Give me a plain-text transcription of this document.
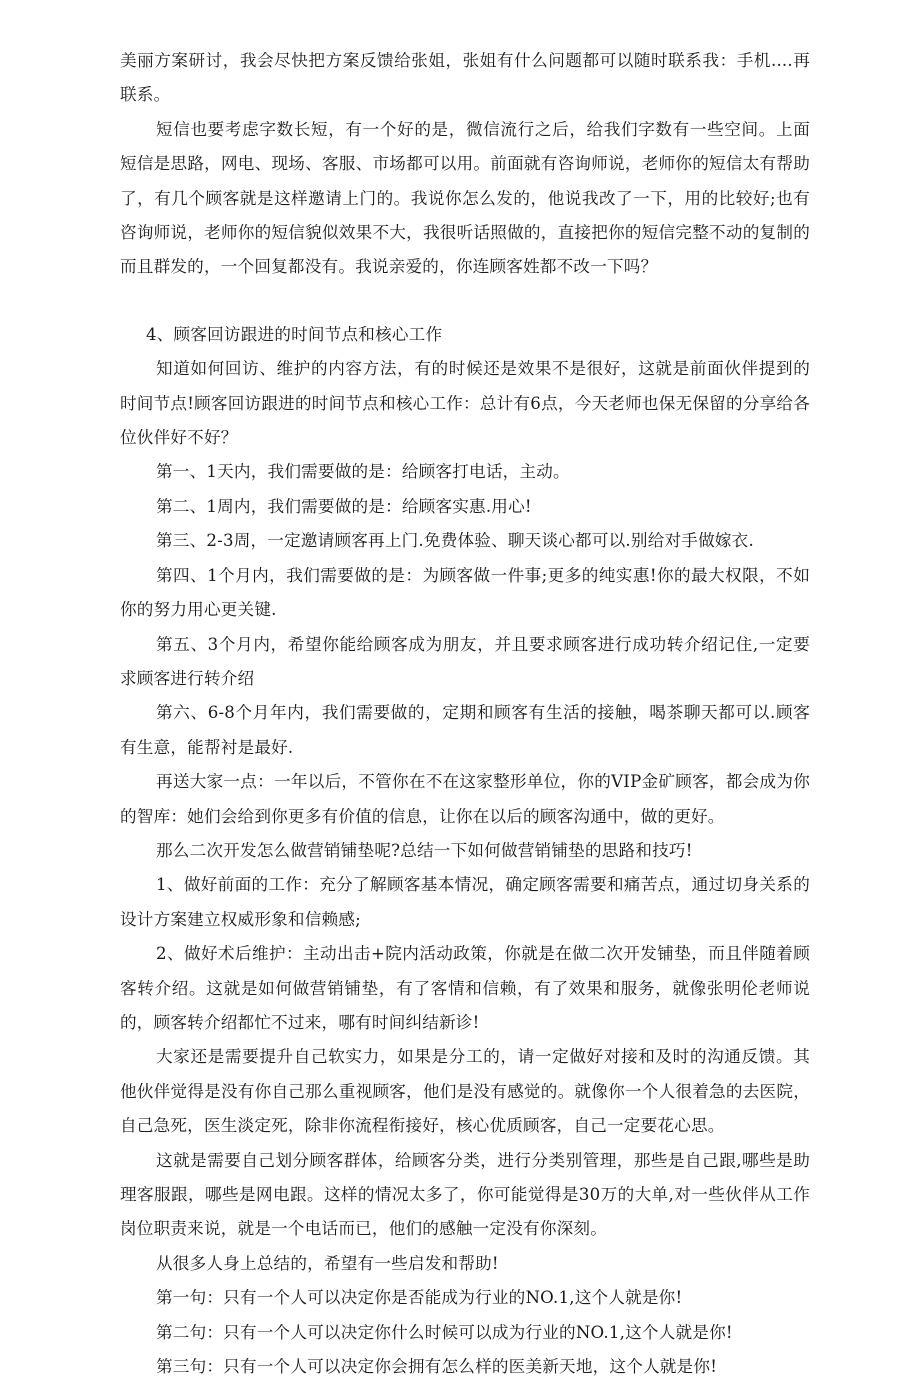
美丽方案研讨，我会尽快把方案反馈给张姐，张姐有什么问题都可以随时联系我：手机....再联系。

短信也要考虑字数长短，有一个好的是，微信流行之后，给我们字数有一些空间。上面短信是思路，网电、现场、客服、市场都可以用。前面就有咨询师说，老师你的短信太有帮助了，有几个顾客就是这样邀请上门的。我说你怎么发的，他说我改了一下，用的比较好;也有咨询师说，老师你的短信貌似效果不大，我很听话照做的，直接把你的短信完整不动的复制的而且群发的，一个回复都没有。我说亲爱的，你连顾客姓都不改一下吗？

4、顾客回访跟进的时间节点和核心工作

知道如何回访、维护的内容方法，有的时候还是效果不是很好，这就是前面伙伴提到的时间节点!顾客回访跟进的时间节点和核心工作：总计有6点，今天老师也保无保留的分享给各位伙伴好不好？

第一、1天内，我们需要做的是：给顾客打电话，主动。

第二、1周内，我们需要做的是：给顾客实惠.用心!

第三、2-3周，一定邀请顾客再上门.免费体验、聊天谈心都可以.别给对手做嫁衣.

第四、1个月内，我们需要做的是：为顾客做一件事;更多的纯实惠!你的最大权限，不如你的努力用心更关键.

第五、3个月内，希望你能给顾客成为朋友，并且要求顾客进行成功转介绍记住,一定要求顾客进行转介绍

第六、6-8个月年内，我们需要做的，定期和顾客有生活的接触，喝茶聊天都可以.顾客有生意，能帮衬是最好.

再送大家一点：一年以后，不管你在不在这家整形单位，你的VIP金矿顾客，都会成为你的智库：她们会给到你更多有价值的信息，让你在以后的顾客沟通中，做的更好。

那么二次开发怎么做营销铺垫呢?总结一下如何做营销铺垫的思路和技巧!

1、做好前面的工作：充分了解顾客基本情况，确定顾客需要和痛苦点，通过切身关系的设计方案建立权威形象和信赖感;

2、做好术后维护：主动出击+院内活动政策，你就是在做二次开发铺垫，而且伴随着顾客转介绍。这就是如何做营销铺垫，有了客情和信赖，有了效果和服务，就像张明伦老师说的，顾客转介绍都忙不过来，哪有时间纠结新诊!

大家还是需要提升自己软实力，如果是分工的，请一定做好对接和及时的沟通反馈。其他伙伴觉得是没有你自己那么重视顾客，他们是没有感觉的。就像你一个人很着急的去医院，自己急死，医生淡定死，除非你流程衔接好，核心优质顾客，自己一定要花心思。

这就是需要自己划分顾客群体，给顾客分类，进行分类别管理，那些是自己跟,哪些是助理客服跟，哪些是网电跟。这样的情况太多了，你可能觉得是30万的大单,对一些伙伴从工作岗位职责来说，就是一个电话而已，他们的感触一定没有你深刻。

从很多人身上总结的，希望有一些启发和帮助!

第一句：只有一个人可以决定你是否能成为行业的NO.1,这个人就是你!

第二句：只有一个人可以决定你什么时候可以成为行业的NO.1,这个人就是你!

第三句：只有一个人可以决定你会拥有怎么样的医美新天地，这个人就是你!
